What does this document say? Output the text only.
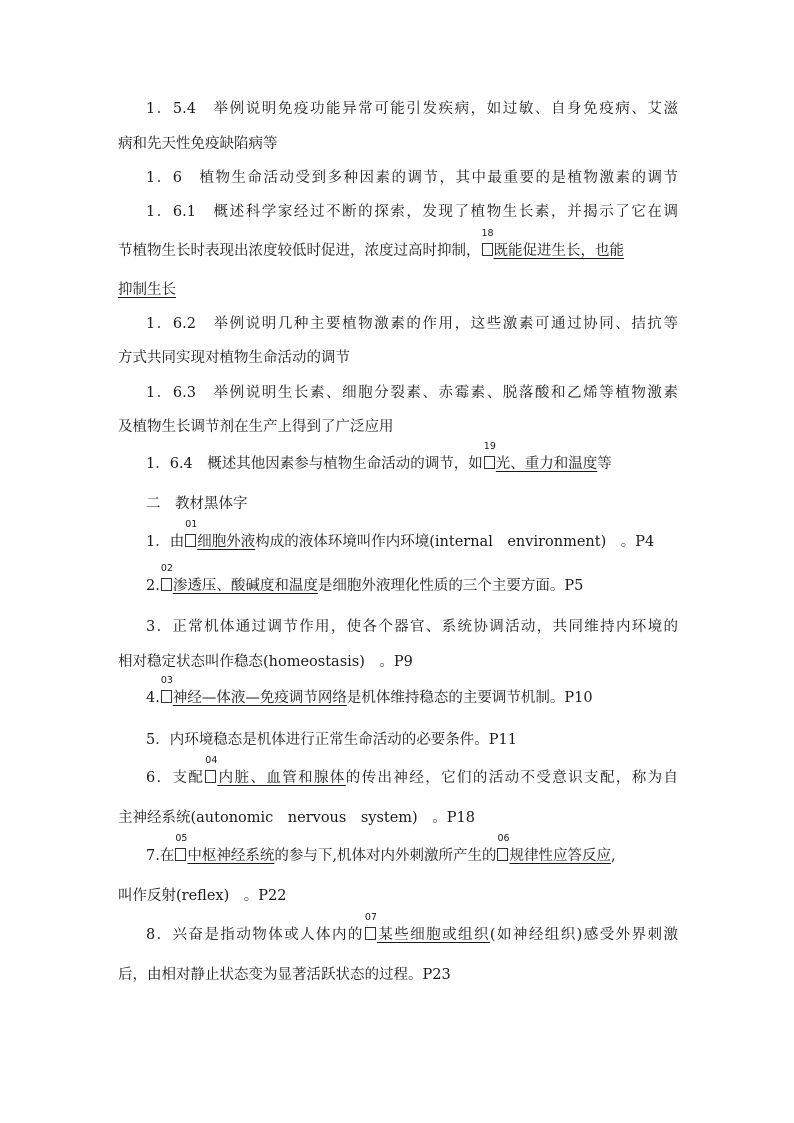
1．5.4　举例说明免疫功能异常可能引发疾病，如过敏、自身免疫病、艾滋
病和先天性免疫缺陷病等
1．6　植物生命活动受到多种因素的调节，其中最重要的是植物激素的调节
1．6.1　概述科学家经过不断的探索，发现了植物生长素，并揭示了它在调
节植物生长时表现出浓度较低时促进，浓度过高时抑制，
18
既能促进生长，也能
抑制生长
1．6.2　举例说明几种主要植物激素的作用，这些激素可通过协同、拮抗等
方式共同实现对植物生命活动的调节
1．6.3　举例说明生长素、细胞分裂素、赤霉素、脱落酸和乙烯等植物激素
及植物生长调节剂在生产上得到了广泛应用
1．6.4　概述其他因素参与植物生命活动的调节，如
19
光、重力和温度等
二　教材黑体字
1．由
01
细胞外液构成的液体环境叫作内环境(internal　environment)　。P4
2.
02
渗透压、酸碱度和温度是细胞外液理化性质的三个主要方面。P5
3．正常机体通过调节作用，使各个器官、系统协调活动，共同维持内环境的
相对稳定状态叫作稳态(homeostasis)　。P9
4.
03
神经—体液—免疫调节网络是机体维持稳态的主要调节机制。P10
5．内环境稳态是机体进行正常生命活动的必要条件。P11
6．支配
04
内脏、血管和腺体的传出神经，它们的活动不受意识支配，称为自
主神经系统(autonomic　nervous　system)　。P18
7.在
05
中枢神经系统的参与下,机体对内外刺激所产生的
06
规律性应答反应,
叫作反射(reflex)　。P22
8．兴奋是指动物体或人体内的
07
某些细胞或组织(如神经组织)感受外界刺激
后，由相对静止状态变为显著活跃状态的过程。P23
